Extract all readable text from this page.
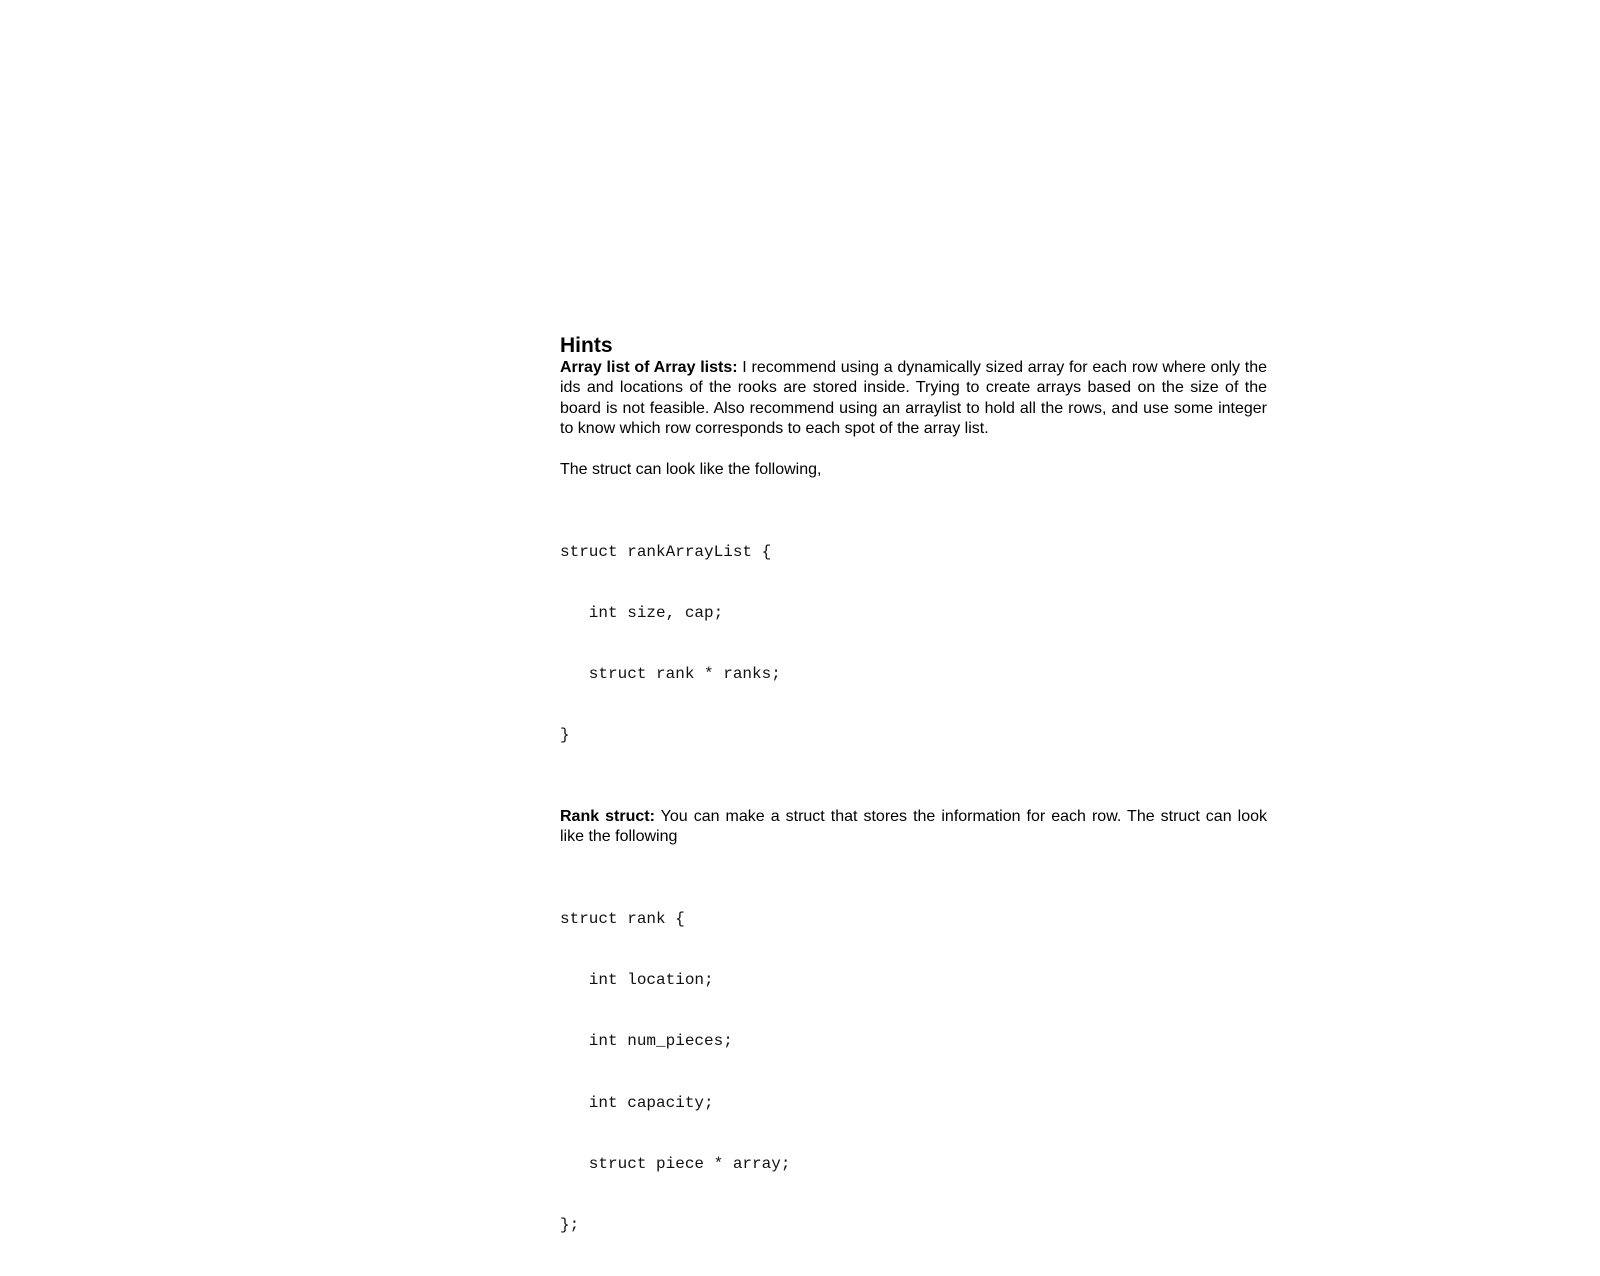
Hints

Array list of Array lists: I recommend using a dynamically sized array for each row where only the ids and locations of the rooks are stored inside. Trying to create arrays based on the size of the board is not feasible. Also recommend using an arraylist to hold all the rows, and use some integer to know which row corresponds to each spot of the array list.

The struct can look like the following,

struct rankArrayList {

int size, cap;

struct rank * ranks;

}

Rank struct: You can make a struct that stores the information for each row. The struct can look like the following

struct rank {

int location;

int num_pieces;

int capacity;

struct piece * array;

};
